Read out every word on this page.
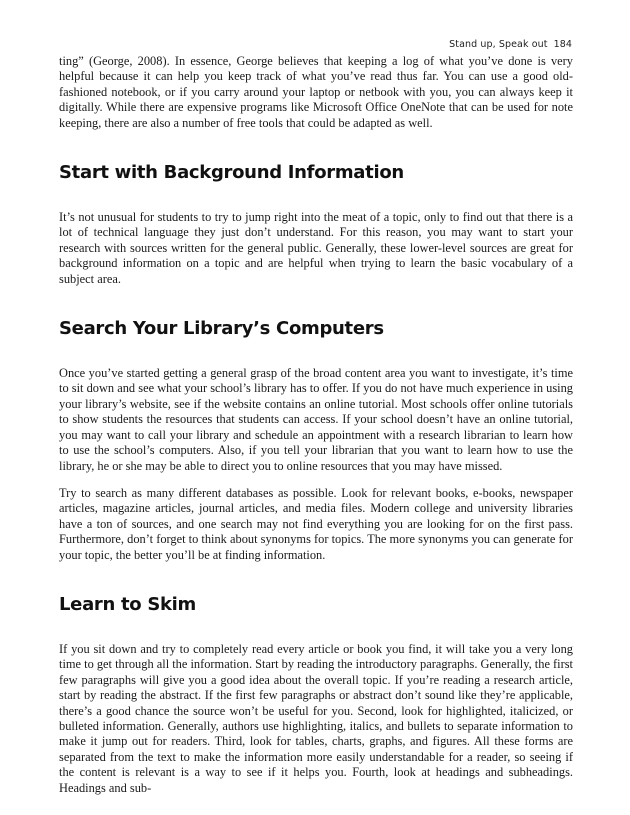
Stand up, Speak out 184

ting” (George, 2008). In essence, George believes that keeping a log of what you’ve done is very helpful because it can help you keep track of what you’ve read thus far. You can use a good old-fashioned notebook, or if you carry around your laptop or netbook with you, you can always keep it digitally. While there are expensive programs like Microsoft Office OneNote that can be used for note keeping, there are also a number of free tools that could be adapted as well.

Start with Background Information

It’s not unusual for students to try to jump right into the meat of a topic, only to find out that there is a lot of technical language they just don’t understand. For this reason, you may want to start your research with sources written for the general public. Generally, these lower-level sources are great for background information on a topic and are helpful when trying to learn the basic vocabulary of a subject area.

Search Your Library’s Computers

Once you’ve started getting a general grasp of the broad content area you want to investigate, it’s time to sit down and see what your school’s library has to offer. If you do not have much experience in using your library’s website, see if the website contains an online tutorial. Most schools offer online tutorials to show students the resources that students can access. If your school doesn’t have an online tutorial, you may want to call your library and schedule an appointment with a research librarian to learn how to use the school’s computers. Also, if you tell your librarian that you want to learn how to use the library, he or she may be able to direct you to online resources that you may have missed.

Try to search as many different databases as possible. Look for relevant books, e-books, newspaper articles, magazine articles, journal articles, and media files. Modern college and university libraries have a ton of sources, and one search may not find everything you are looking for on the first pass. Furthermore, don’t forget to think about synonyms for topics. The more synonyms you can generate for your topic, the better you’ll be at finding information.

Learn to Skim

If you sit down and try to completely read every article or book you find, it will take you a very long time to get through all the information. Start by reading the introductory paragraphs. Generally, the first few paragraphs will give you a good idea about the overall topic. If you’re reading a research article, start by reading the abstract. If the first few paragraphs or abstract don’t sound like they’re applicable, there’s a good chance the source won’t be useful for you. Second, look for highlighted, italicized, or bulleted information. Generally, authors use highlighting, italics, and bullets to separate information to make it jump out for readers. Third, look for tables, charts, graphs, and figures. All these forms are separated from the text to make the information more easily understandable for a reader, so seeing if the content is relevant is a way to see if it helps you. Fourth, look at headings and subheadings. Headings and sub-
